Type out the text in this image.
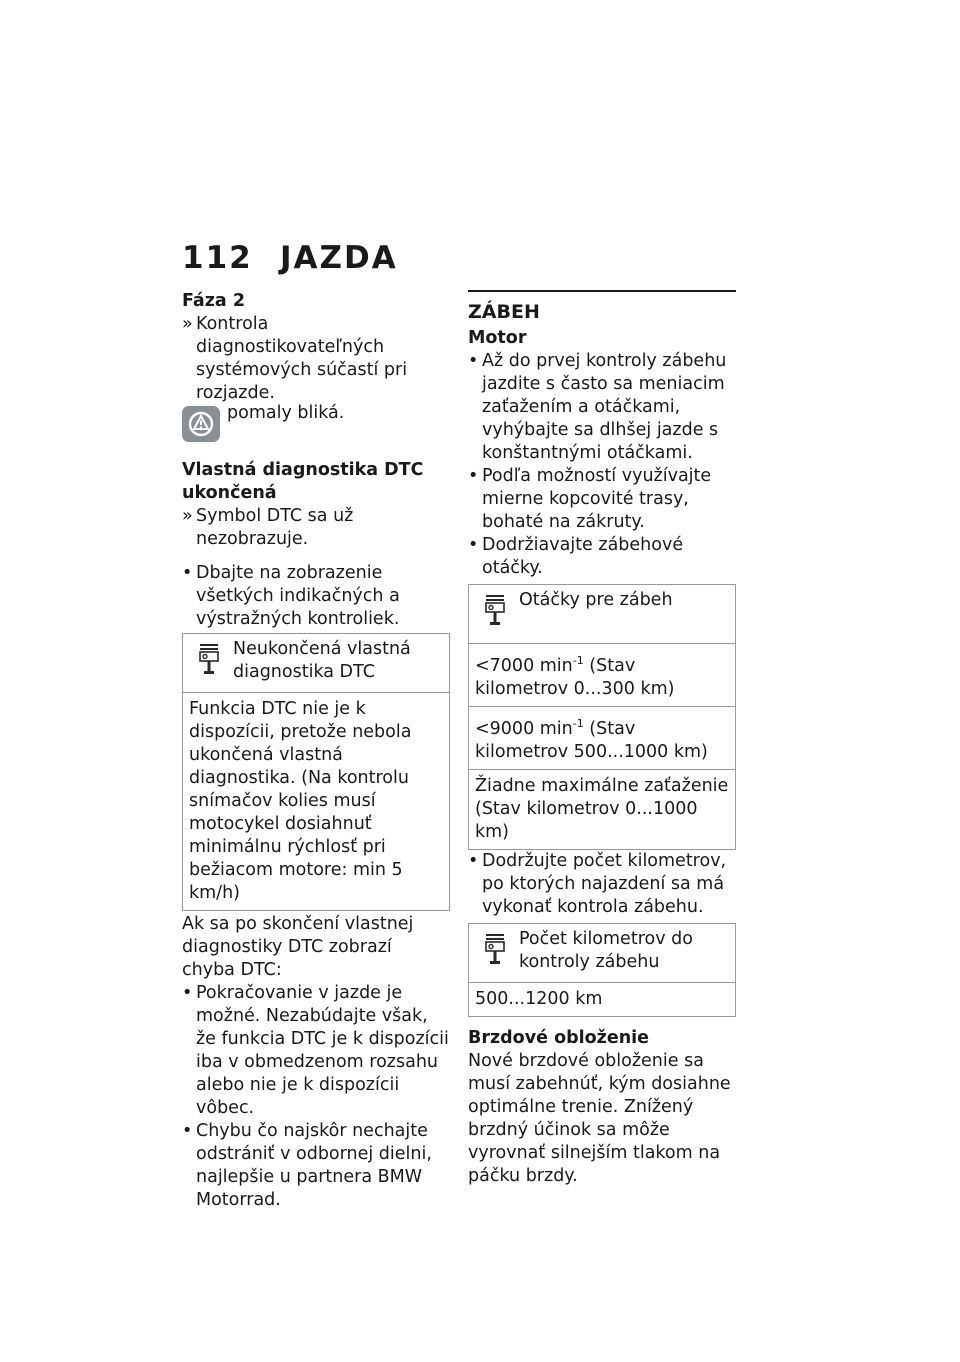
112 JAZDA

Fáza 2

» Kontrola diagnostikovateľných systémových súčastí pri rozjazde.
pomaly bliká.

Vlastná diagnostika DTC ukončená

» Symbol DTC sa už nezobrazuje.
• Dbajte na zobrazenie všetkých indikačných a výstražných kontroliek.
Neukončená vlastná diagnostika DTC
Funkcia DTC nie je k dispozícii, pretože nebola ukončená vlastná diagnostika. (Na kontrolu snímačov kolies musí motocykel dosiahnuť minimálnu rýchlosť pri bežiacom motore: min 5 km/h)

Ak sa po skončení vlastnej diagnostiky DTC zobrazí chyba DTC:

• Pokračovanie v jazde je možné. Nezabúdajte však, že funkcia DTC je k dispozícii iba v obmedzenom rozsahu alebo nie je k dispozícii vôbec.
• Chybu čo najskôr nechajte odstrániť v odbornej dielni, najlepšie u partnera BMW Motorrad.

ZÁBEH

Motor

• Až do prvej kontroly zábehu jazdite s často sa meniacim zaťažením a otáčkami, vyhýbajte sa dlhšej jazde s konštantnými otáčkami.
• Podľa možností využívajte mierne kopcovité trasy, bohaté na zákruty.
• Dodržiavajte zábehové otáčky.
Otáčky pre zábeh
<7000 $\min^{-1}$ (Stav kilometrov 0...300 km)
<9000 $\min^{-1}$ (Stav kilometrov 500...1000 km)
Žiadne maximálne zaťaženie (Stav kilometrov 0...1000 km)
• Dodržujte počet kilometrov, po ktorých najazdení sa má vykonať kontrola zábehu.
Počet kilometrov do kontroly zábehu
500...1200 km

Brzdové obloženie

Nové brzdové obloženie sa musí zabehnúť, kým dosiahne optimálne trenie. Znížený brzdný účinok sa môže vyrovnať silnejším tlakom na páčku brzdy.
